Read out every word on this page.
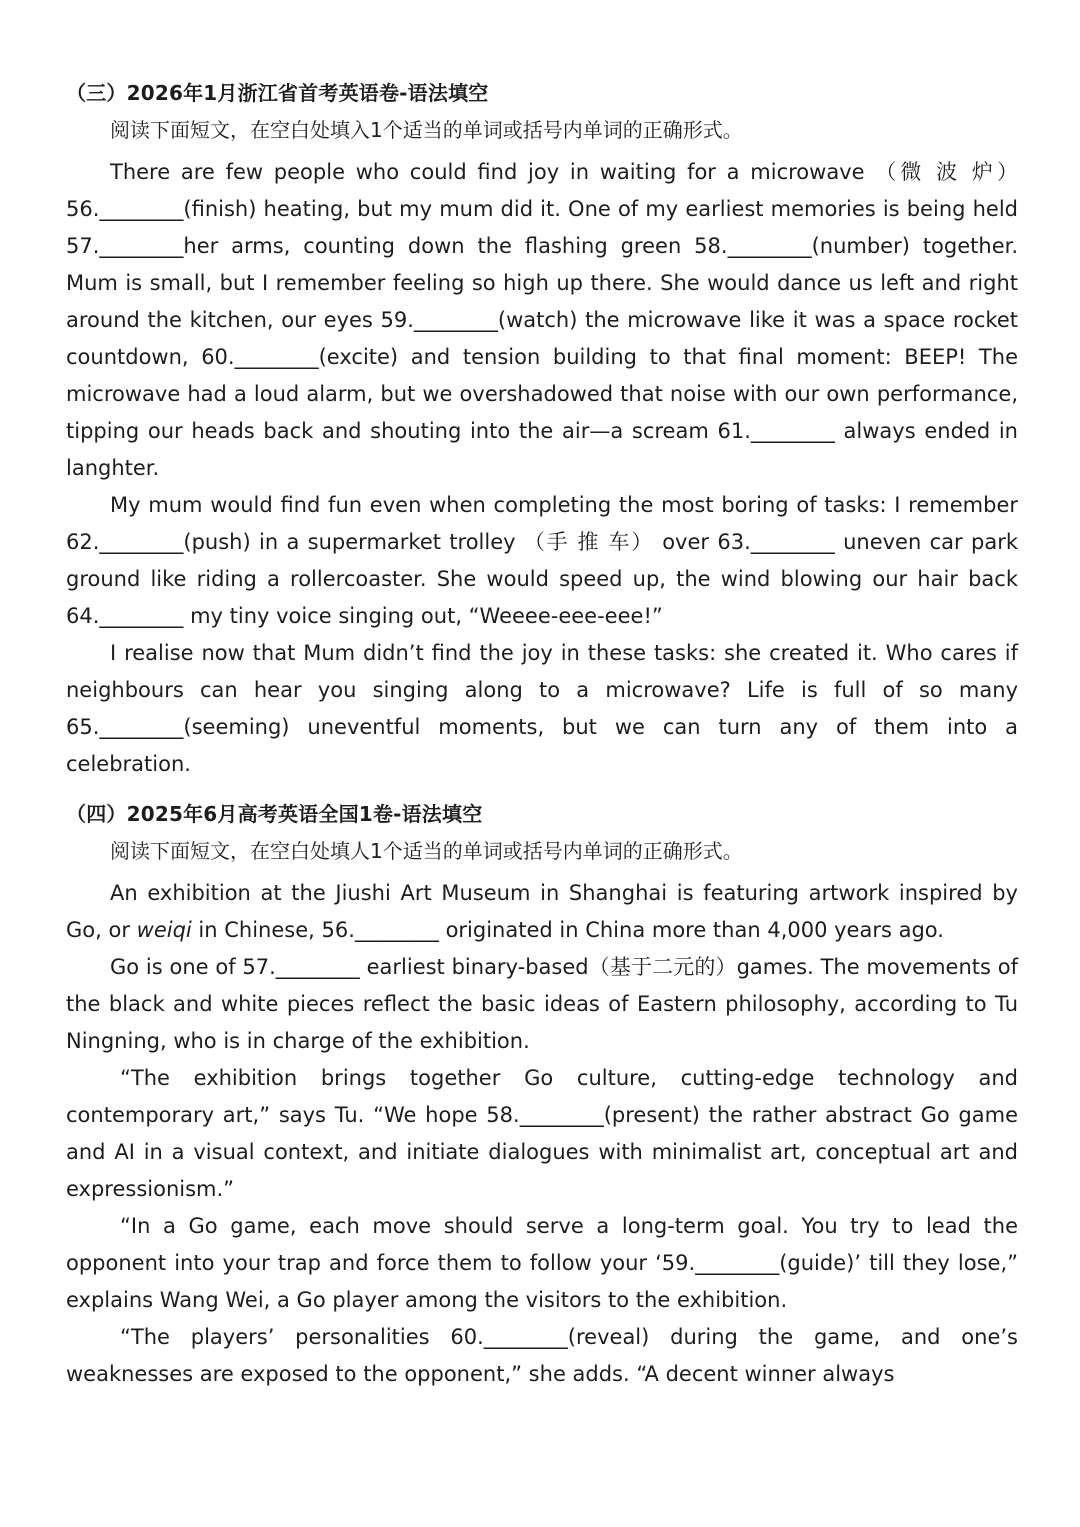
（三）2026年1月浙江省首考英语卷-语法填空
阅读下面短文，在空白处填入1个适当的单词或括号内单词的正确形式。

There are few people who could find joy in waiting for a microwave （微 波 炉） 56.________(finish) heating, but my mum did it. One of my earliest memories is being held 57.________her arms, counting down the flashing green 58.________(number) together. Mum is small, but I remember feeling so high up there. She would dance us left and right around the kitchen, our eyes 59.________(watch) the microwave like it was a space rocket countdown, 60.________(excite) and tension building to that final moment: BEEP! The microwave had a loud alarm, but we overshadowed that noise with our own performance, tipping our heads back and shouting into the air—a scream 61.________ always ended in langhter.

My mum would find fun even when completing the most boring of tasks: I remember 62.________(push) in a supermarket trolley （手 推 车） over 63.________ uneven car park ground like riding a rollercoaster. She would speed up, the wind blowing our hair back 64.________ my tiny voice singing out, “Weeee-eee-eee!”

I realise now that Mum didn’t find the joy in these tasks: she created it. Who cares if neighbours can hear you singing along to a microwave? Life is full of so many 65.________(seeming) uneventful moments, but we can turn any of them into a celebration.

（四）2025年6月高考英语全国1卷-语法填空
阅读下面短文，在空白处填人1个适当的单词或括号内单词的正确形式。

An exhibition at the Jiushi Art Museum in Shanghai is featuring artwork inspired by Go, or weiqi in Chinese, 56.________ originated in China more than 4,000 years ago.

Go is one of 57.________ earliest binary-based（基于二元的）games. The movements of the black and white pieces reflect the basic ideas of Eastern philosophy, according to Tu Ningning, who is in charge of the exhibition.

“The exhibition brings together Go culture, cutting-edge technology and contemporary art,” says Tu. “We hope 58.________(present) the rather abstract Go game and AI in a visual context, and initiate dialogues with minimalist art, conceptual art and expressionism.”

“In a Go game, each move should serve a long-term goal. You try to lead the opponent into your trap and force them to follow your ‘59.________(guide)’ till they lose,” explains Wang Wei, a Go player among the visitors to the exhibition.

“The players’ personalities 60.________(reveal) during the game, and one’s weaknesses are exposed to the opponent,” she adds. “A decent winner always
